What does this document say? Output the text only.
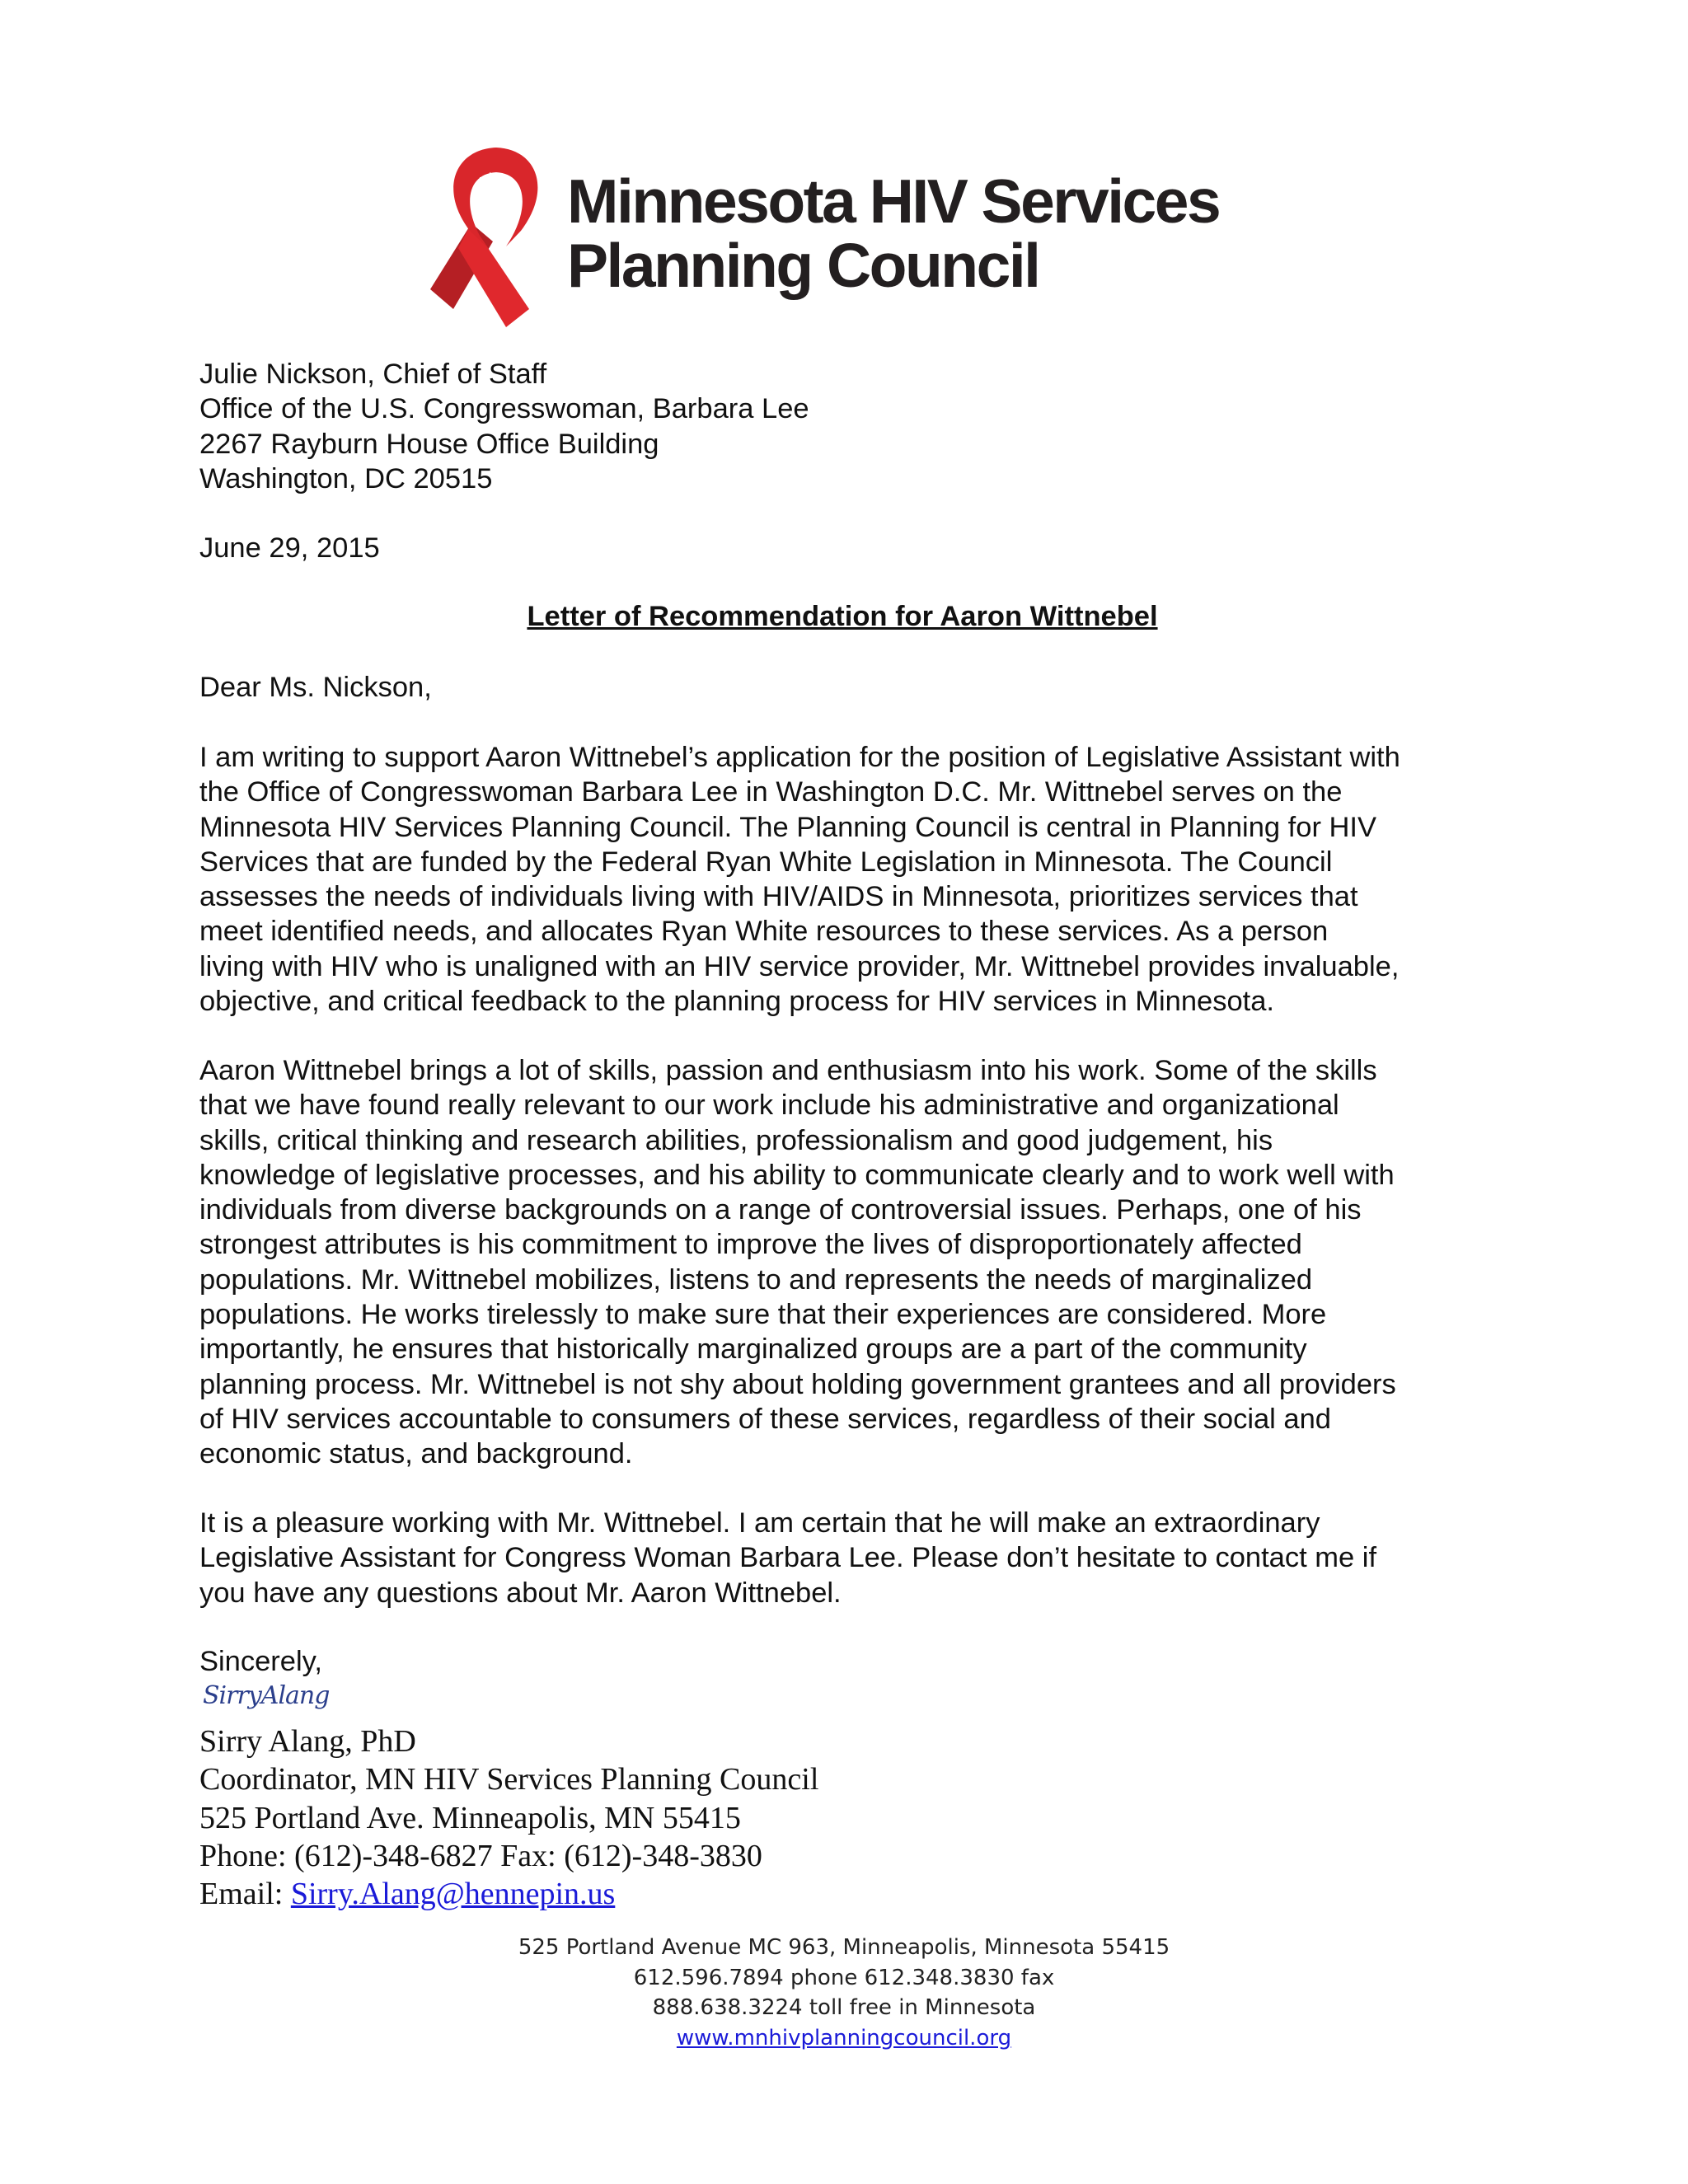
Minnesota HIV Services
Planning Council
Julie Nickson, Chief of Staff
Office of the U.S. Congresswoman, Barbara Lee
2267 Rayburn House Office Building
Washington, DC 20515
June 29, 2015
Letter of Recommendation for Aaron Wittnebel
Dear Ms. Nickson,
I am writing to support Aaron Wittnebel’s application for the position of Legislative Assistant with
the Office of Congresswoman Barbara Lee in Washington D.C. Mr. Wittnebel serves on the
Minnesota HIV Services Planning Council. The Planning Council is central in Planning for HIV
Services that are funded by the Federal Ryan White Legislation in Minnesota. The Council
assesses the needs of individuals living with HIV/AIDS in Minnesota, prioritizes services that
meet identified needs, and allocates Ryan White resources to these services. As a person
living with HIV who is unaligned with an HIV service provider, Mr. Wittnebel provides invaluable,
objective, and critical feedback to the planning process for HIV services in Minnesota.
Aaron Wittnebel brings a lot of skills, passion and enthusiasm into his work. Some of the skills
that we have found really relevant to our work include his administrative and organizational
skills, critical thinking and research abilities, professionalism and good judgement, his
knowledge of legislative processes, and his ability to communicate clearly and to work well with
individuals from diverse backgrounds on a range of controversial issues. Perhaps, one of his
strongest attributes is his commitment to improve the lives of disproportionately affected
populations. Mr. Wittnebel mobilizes, listens to and represents the needs of marginalized
populations. He works tirelessly to make sure that their experiences are considered. More
importantly, he ensures that historically marginalized groups are a part of the community
planning process. Mr. Wittnebel is not shy about holding government grantees and all providers
of HIV services accountable to consumers of these services, regardless of their social and
economic status, and background.
It is a pleasure working with Mr. Wittnebel. I am certain that he will make an extraordinary
Legislative Assistant for Congress Woman Barbara Lee. Please don’t hesitate to contact me if
you have any questions about Mr. Aaron Wittnebel.
Sincerely,
SirryAlang
Sirry Alang, PhD
Coordinator, MN HIV Services Planning Council
525 Portland Ave. Minneapolis, MN 55415
Phone: (612)-348-6827 Fax: (612)-348-3830
Email: Sirry.Alang@hennepin.us
525 Portland Avenue MC 963, Minneapolis, Minnesota 55415
612.596.7894 phone 612.348.3830 fax
888.638.3224 toll free in Minnesota
www.mnhivplanningcouncil.org
